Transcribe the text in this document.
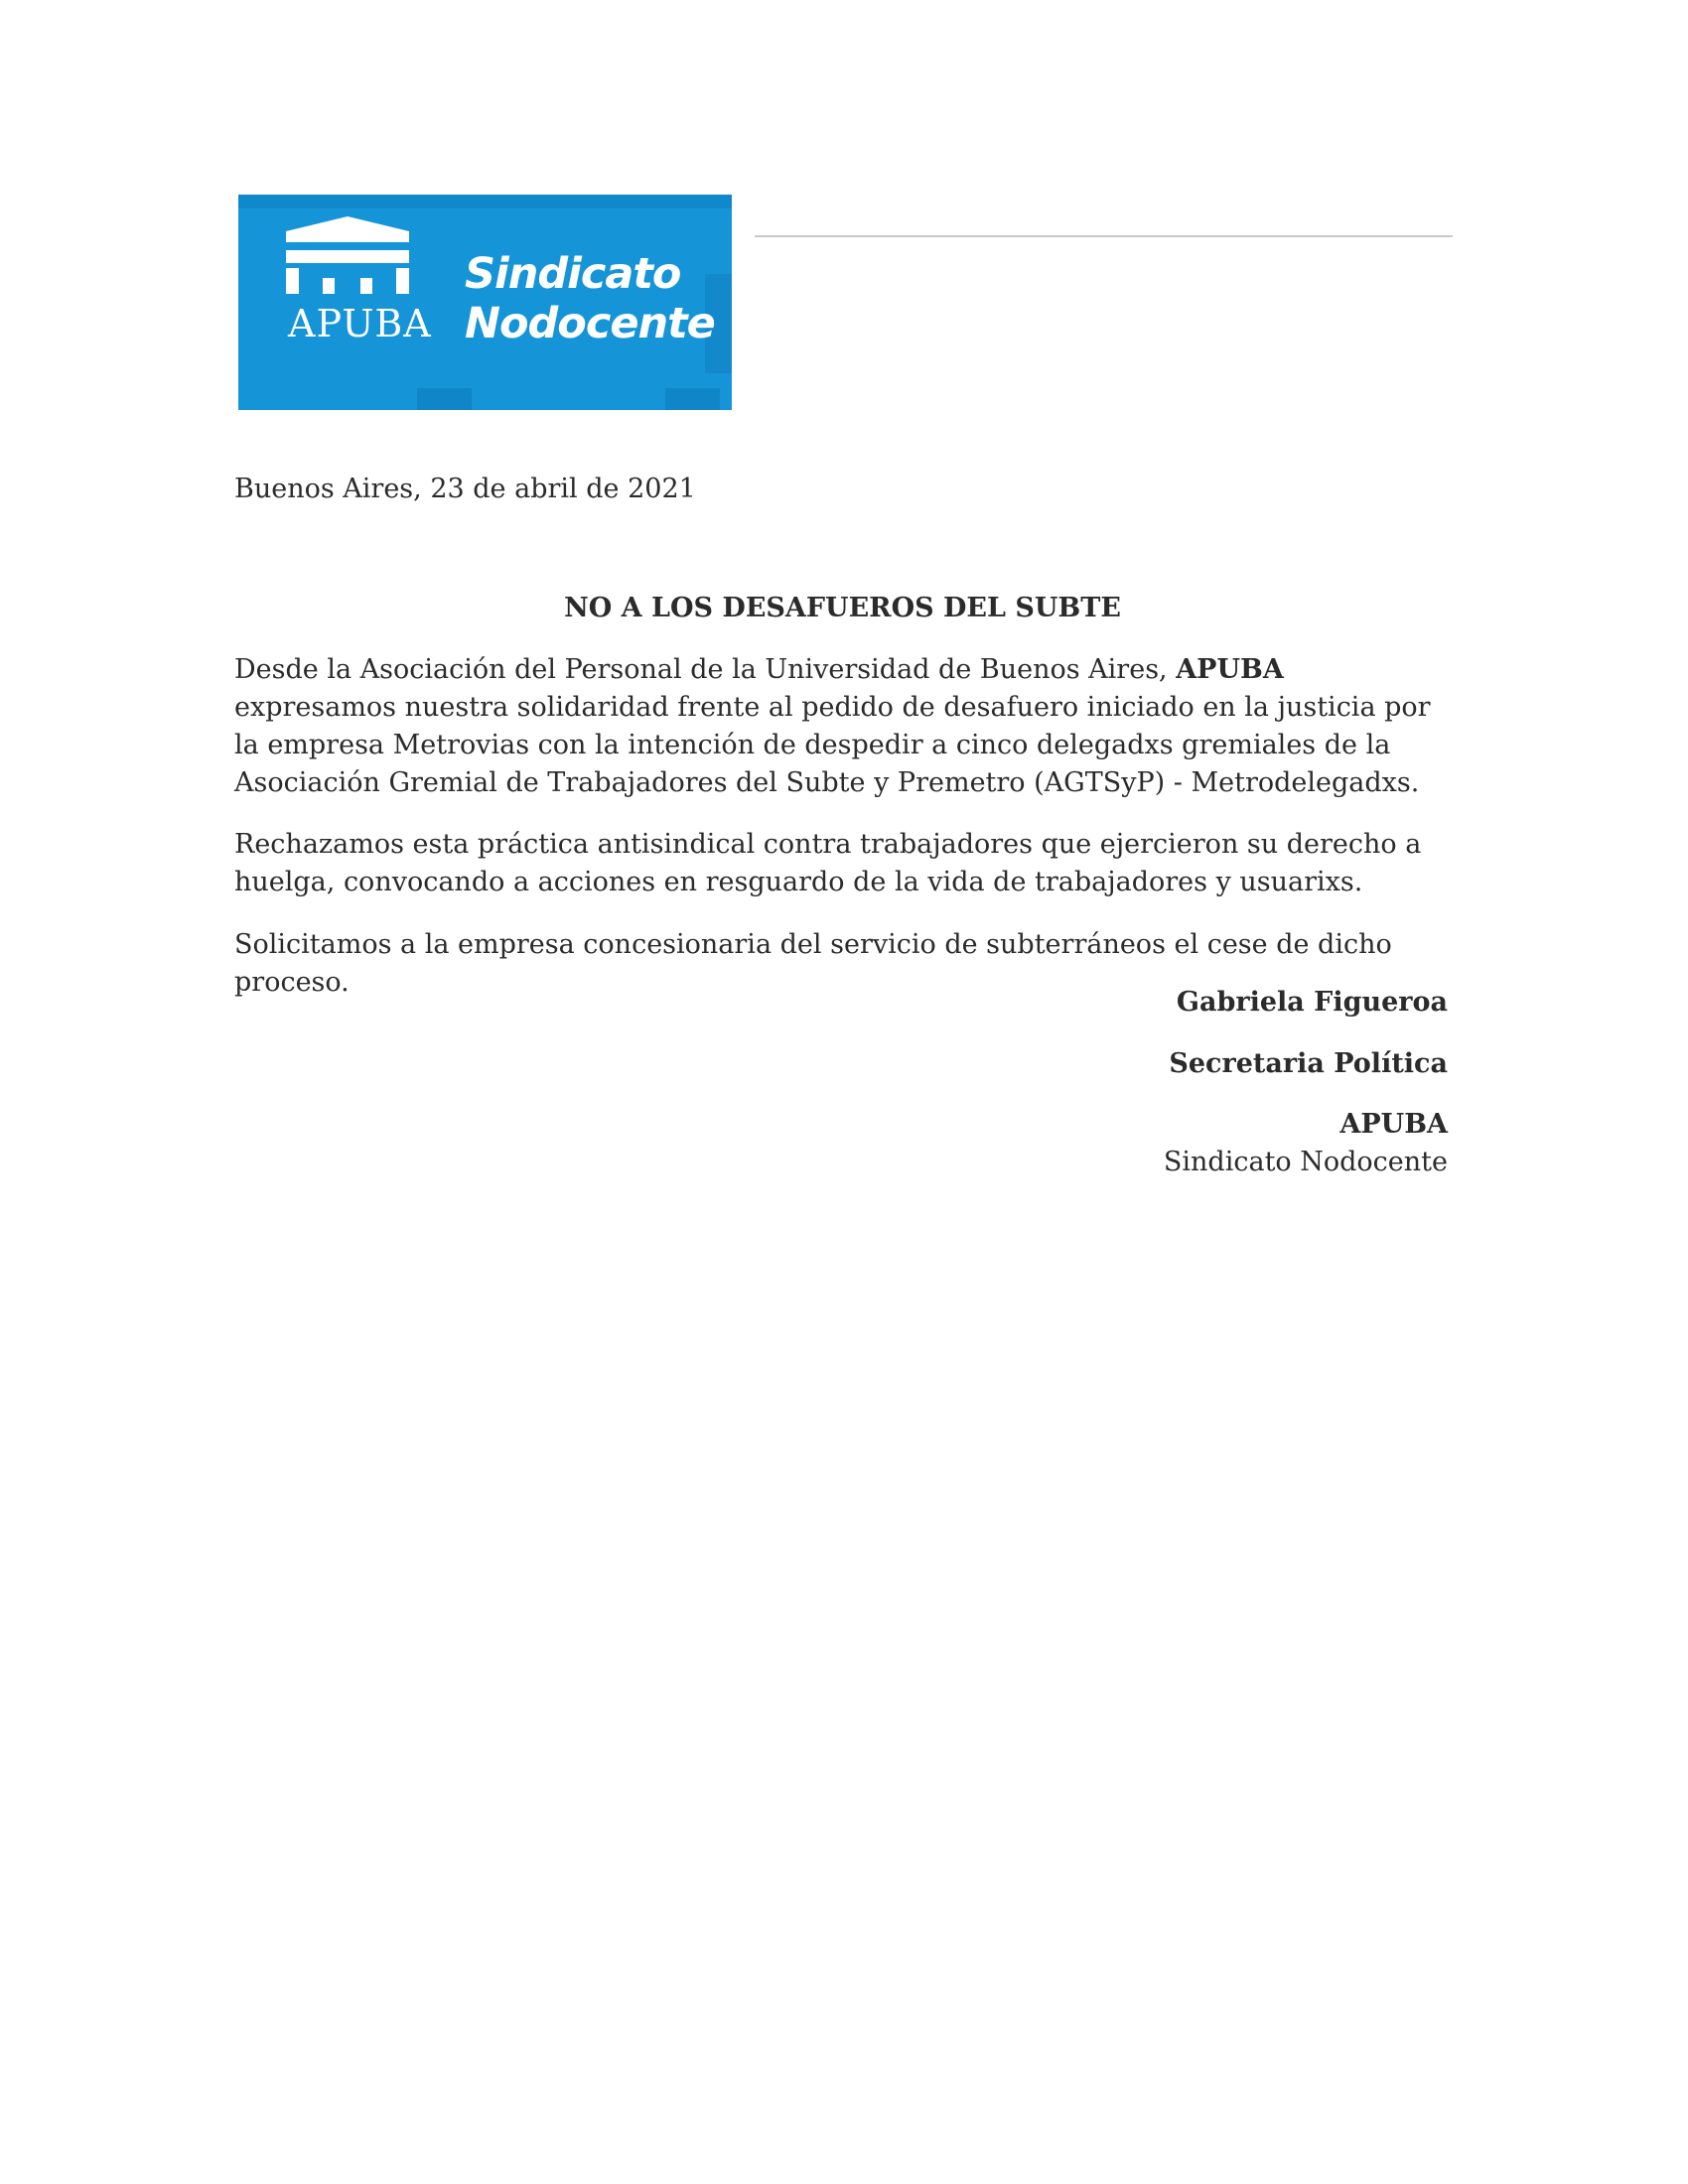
APUBA
Sindicato
Nodocente
Buenos Aires, 23 de abril de 2021
NO A LOS DESAFUEROS DEL SUBTE
Desde la Asociación del Personal de la Universidad de Buenos Aires, APUBA expresamos nuestra solidaridad frente al pedido de desafuero iniciado en la justicia por la empresa Metrovias con la intención de despedir a cinco delegadxs gremiales de la Asociación Gremial de Trabajadores del Subte y Premetro (AGTSyP) - Metrodelegadxs.
Rechazamos esta práctica antisindical contra trabajadores que ejercieron su derecho a huelga, convocando a acciones en resguardo de la vida de trabajadores y usuarixs.
Solicitamos a la empresa concesionaria del servicio de subterráneos el cese de dicho proceso.
Gabriela Figueroa
Secretaria Política
APUBA
Sindicato Nodocente
